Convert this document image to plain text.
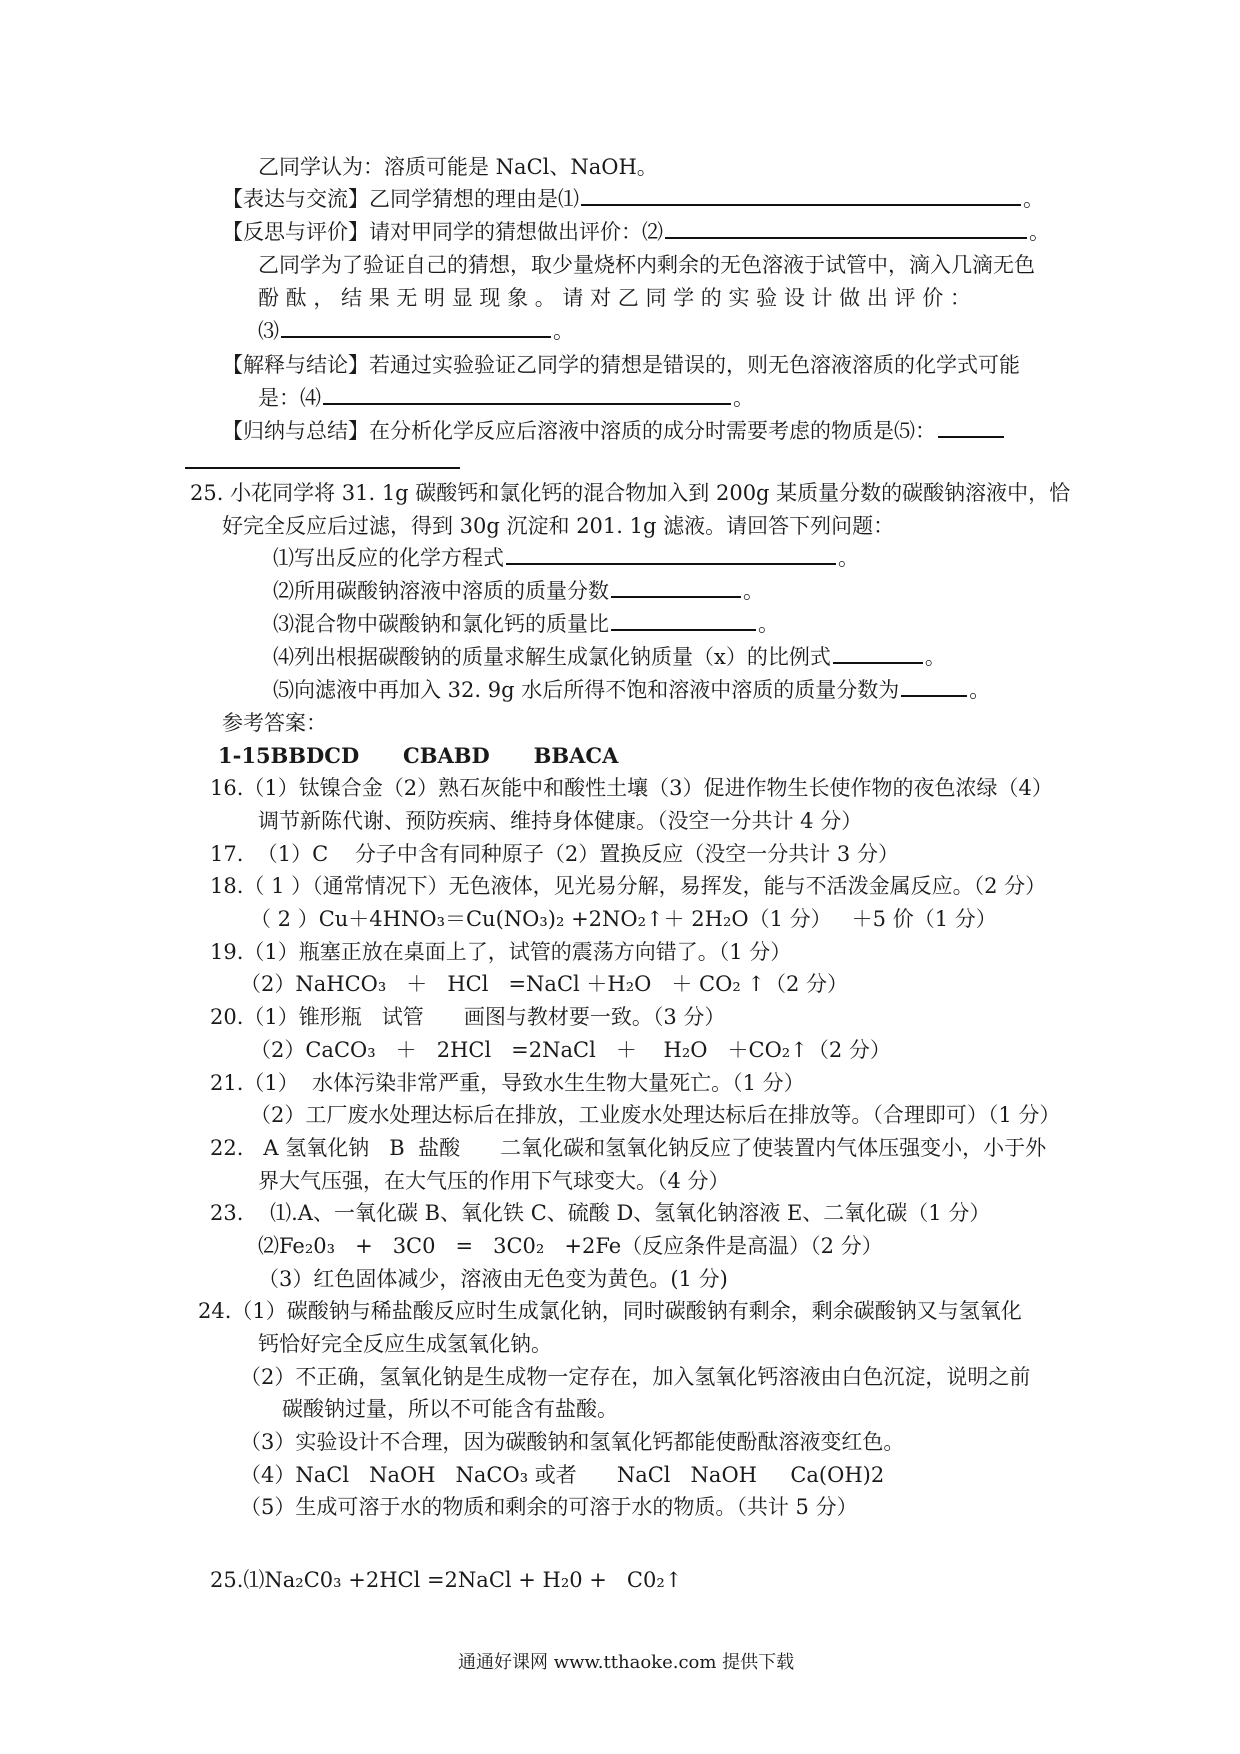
乙同学认为：溶质可能是 NaCl、NaOH。
【表达与交流】乙同学猜想的理由是⑴	。
【反思与评价】请对甲同学的猜想做出评价：⑵	。
乙同学为了验证自己的猜想，取少量烧杯内剩余的无色溶液于试管中，滴入几滴无色
酚 酞 ， 结 果 无 明 显 现 象 。 请 对 乙 同 学 的 实 验 设 计 做 出 评 价 ：
⑶	。
【解释与结论】若通过实验验证乙同学的猜想是错误的，则无色溶液溶质的化学式可能
是：⑷	。
【归纳与总结】在分析化学反应后溶液中溶质的成分时需要考虑的物质是⑸：
25. 小花同学将 31. 1g 碳酸钙和氯化钙的混合物加入到 200g 某质量分数的碳酸钠溶液中，恰
好完全反应后过滤，得到 30g 沉淀和 201. 1g 滤液。请回答下列问题：
⑴写出反应的化学方程式	。
⑵所用碳酸钠溶液中溶质的质量分数	。
⑶混合物中碳酸钠和氯化钙的质量比	。
⑷列出根据碳酸钠的质量求解生成氯化钠质量（x）的比例式	。
⑸向滤液中再加入 32. 9g 水后所得不饱和溶液中溶质的质量分数为	。
参考答案：
1-15BBDCD      CBABD      BBACA
16.（1）钛镍合金（2）熟石灰能中和酸性土壤（3）促进作物生长使作物的夜色浓绿（4）
调节新陈代谢、预防疾病、维持身体健康。（没空一分共计 4 分）
17.  （1）C    分子中含有同种原子（2）置换反应（没空一分共计 3 分）
18.（ 1 ）（通常情况下）无色液体，见光易分解，易挥发，能与不活泼金属反应。（2 分）
（ 2 ）Cu＋4HNO₃＝Cu(NO₃)₂ +2NO₂↑＋ 2H₂O（1 分）   ＋5 价（1 分）
19.（1）瓶塞正放在桌面上了，试管的震荡方向错了。（1 分）
（2）NaHCO₃   ＋   HCl   =NaCl ＋H₂O   ＋ CO₂ ↑（2 分）
20.（1）锥形瓶   试管      画图与教材要一致。（3 分）
（2）CaCO₃   ＋   2HCl   =2NaCl   ＋    H₂O   ＋CO₂↑（2 分）
21.（1）  水体污染非常严重，导致水生生物大量死亡。（1 分）
（2）工厂废水处理达标后在排放，工业废水处理达标后在排放等。（合理即可）（1 分）
22.   A 氢氧化钠   B  盐酸      二氧化碳和氢氧化钠反应了使装置内气体压强变小，小于外
界大气压强，在大气压的作用下气球变大。（4 分）
23.    ⑴.A、一氧化碳 B、氧化铁 C、硫酸 D、氢氧化钠溶液 E、二氧化碳（1 分）
⑵Fe₂0₃   +   3C0   =   3C0₂   +2Fe（反应条件是高温）（2 分）
（3）红色固体减少，溶液由无色变为黄色。(1 分)
24.（1）碳酸钠与稀盐酸反应时生成氯化钠，同时碳酸钠有剩余，剩余碳酸钠又与氢氧化
钙恰好完全反应生成氢氧化钠。
（2）不正确，氢氧化钠是生成物一定存在，加入氢氧化钙溶液由白色沉淀，说明之前
碳酸钠过量，所以不可能含有盐酸。
（3）实验设计不合理，因为碳酸钠和氢氧化钙都能使酚酞溶液变红色。
（4）NaCl   NaOH   NaCO₃ 或者      NaCl   NaOH     Ca(OH)2
（5）生成可溶于水的物质和剩余的可溶于水的物质。（共计 5 分）
25.⑴Na₂C0₃ +2HCl =2NaCl + H₂0 +   C0₂↑
通通好课网 www.tthaoke.com 提供下载
